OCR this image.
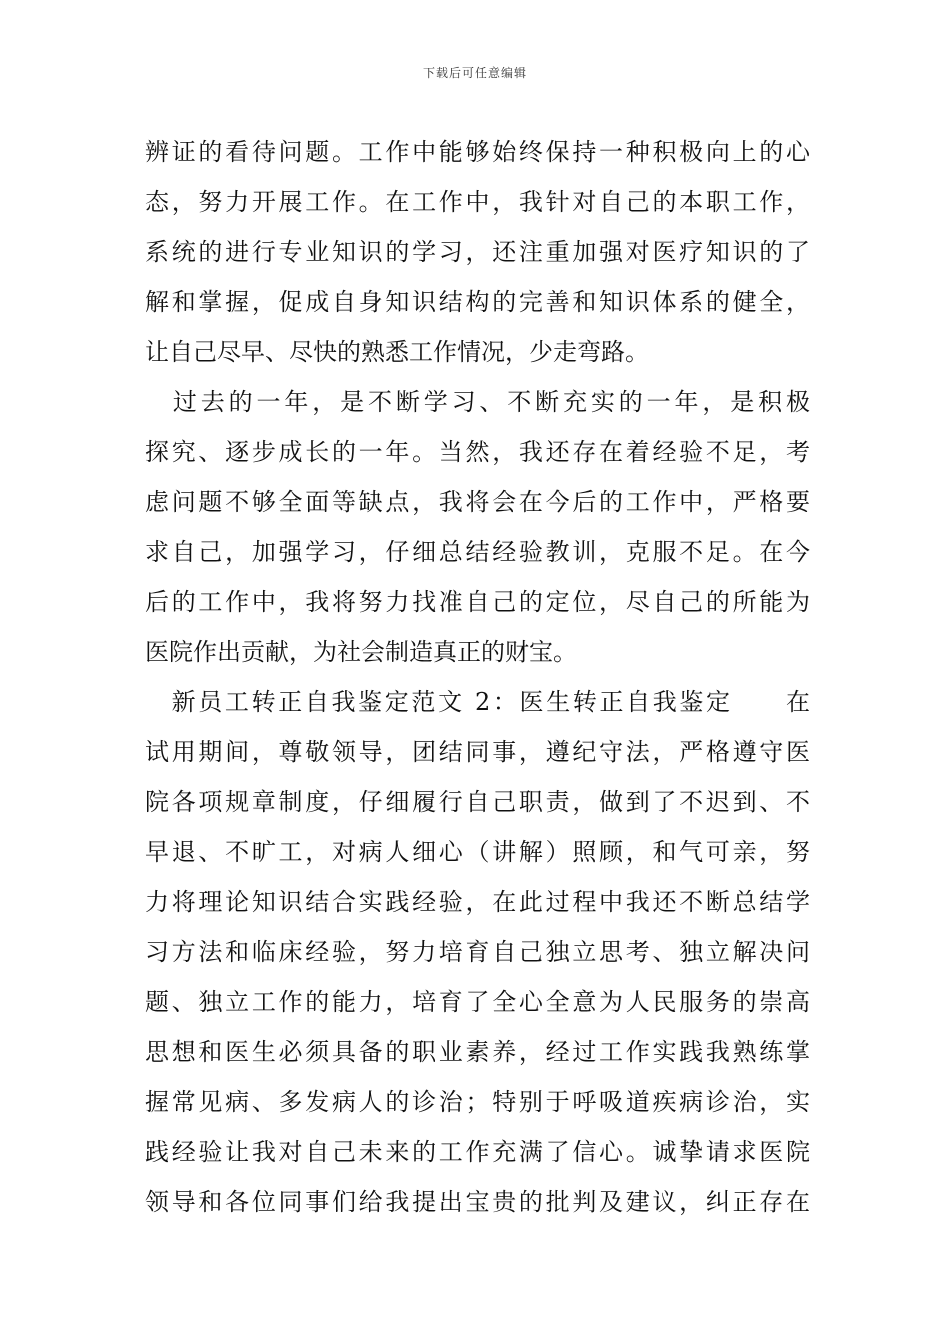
下载后可任意编辑
辨证的看待问题。工作中能够始终保持一种积极向上的心
态，努力开展工作。在工作中，我针对自己的本职工作，
系统的进行专业知识的学习，还注重加强对医疗知识的了
解和掌握，促成自身知识结构的完善和知识体系的健全，
让自己尽早、尽快的熟悉工作情况，少走弯路。
　过去的一年，是不断学习、不断充实的一年，是积极
探究、逐步成长的一年。当然，我还存在着经验不足，考
虑问题不够全面等缺点，我将会在今后的工作中，严格要
求自己，加强学习，仔细总结经验教训，克服不足。在今
后的工作中，我将努力找准自己的定位，尽自己的所能为
医院作出贡献，为社会制造真正的财宝。
　新员工转正自我鉴定范文 2：医生转正自我鉴定　　在
试用期间，尊敬领导，团结同事，遵纪守法，严格遵守医
院各项规章制度，仔细履行自己职责，做到了不迟到、不
早退、不旷工，对病人细心（讲解）照顾，和气可亲，努
力将理论知识结合实践经验，在此过程中我还不断总结学
习方法和临床经验，努力培育自己独立思考、独立解决问
题、独立工作的能力，培育了全心全意为人民服务的崇高
思想和医生必须具备的职业素养，经过工作实践我熟练掌
握常见病、多发病人的诊治；特别于呼吸道疾病诊治，实
践经验让我对自己未来的工作充满了信心。诚挚请求医院
领导和各位同事们给我提出宝贵的批判及建议，纠正存在
